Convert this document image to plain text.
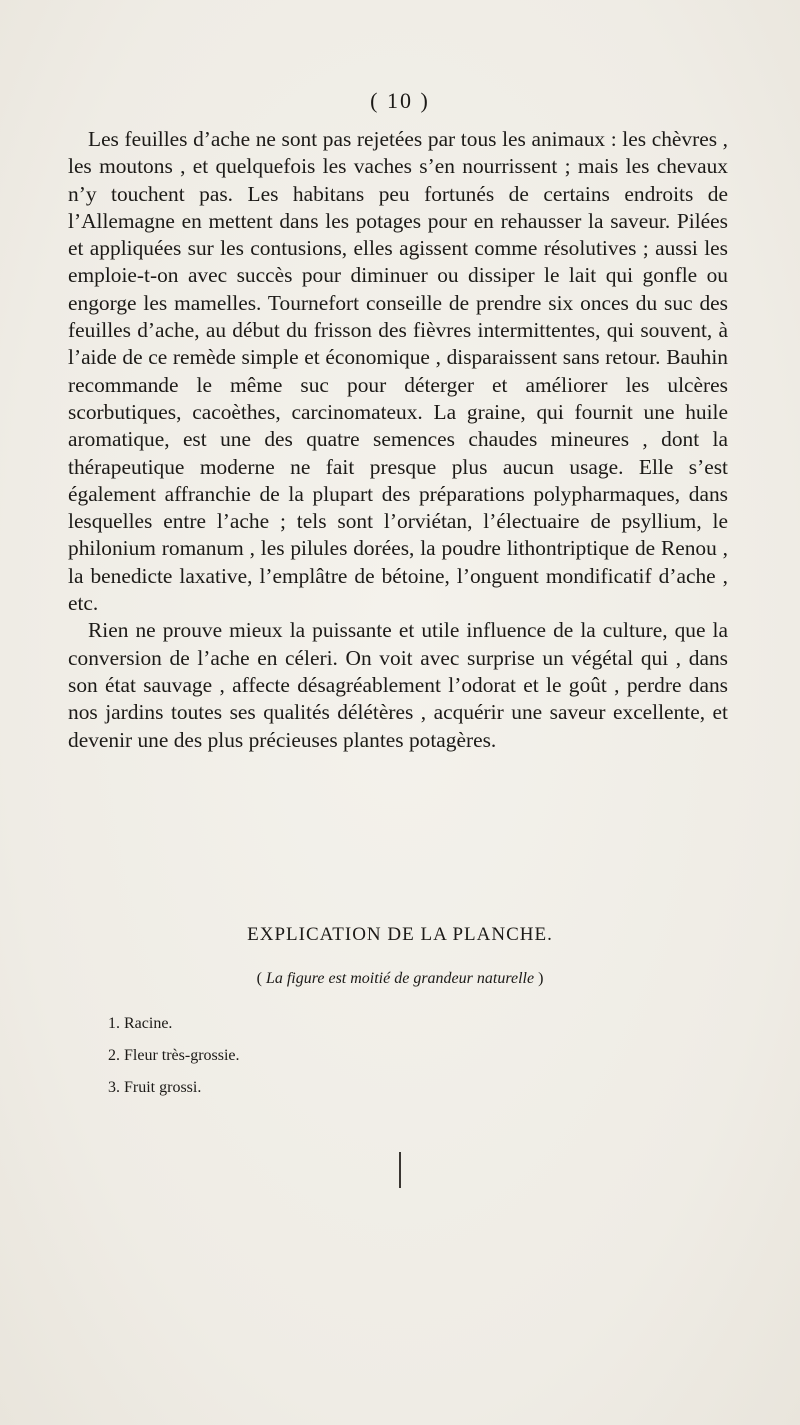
( 10 )

Les feuilles d’ache ne sont pas rejetées par tous les animaux : les chèvres , les moutons , et quelquefois les vaches s’en nourrissent ; mais les chevaux n’y touchent pas. Les habitans peu fortunés de certains endroits de l’Allemagne en mettent dans les potages pour en rehausser la saveur. Pilées et appliquées sur les contusions, elles agissent comme résolutives ; aussi les emploie-t-on avec succès pour diminuer ou dissiper le lait qui gonfle ou engorge les mamelles. Tournefort conseille de prendre six onces du suc des feuilles d’ache, au début du frisson des fièvres intermittentes, qui souvent, à l’aide de ce remède simple et économique , disparaissent sans retour. Bauhin recommande le même suc pour déterger et améliorer les ulcères scorbutiques, cacoèthes, carcinomateux. La graine, qui fournit une huile aromatique, est une des quatre semences chaudes mineures , dont la thérapeutique moderne ne fait presque plus aucun usage. Elle s’est également affranchie de la plupart des préparations polypharmaques, dans lesquelles entre l’ache ; tels sont l’orviétan, l’électuaire de psyllium, le philonium romanum , les pilules dorées, la poudre lithontriptique de Renou , la benedicte laxative, l’emplâtre de bétoine, l’onguent mondificatif d’ache , etc.

Rien ne prouve mieux la puissante et utile influence de la culture, que la conversion de l’ache en céleri. On voit avec surprise un végétal qui , dans son état sauvage , affecte désagréablement l’odorat et le goût , perdre dans nos jardins toutes ses qualités délétères , acquérir une saveur excellente, et devenir une des plus précieuses plantes potagères.

EXPLICATION DE LA PLANCHE.
( La figure est moitié de grandeur naturelle )
1. Racine.
2. Fleur très-grossie.
3. Fruit grossi.
